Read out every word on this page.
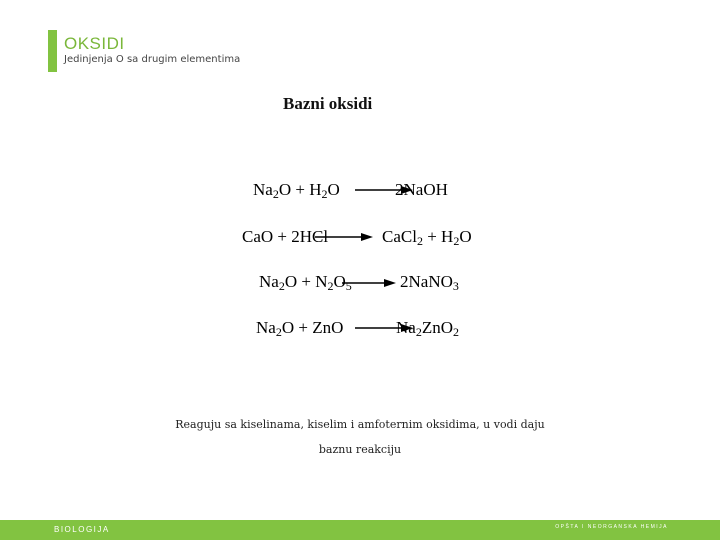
OKSIDI
Jedinjenja O sa drugim elementima
Bazni oksidi
$Na_2O + H_2O$ →
2NaOH
CaO + 2HCl → CaCl$_2$ + $H_2O$
$Na_2O + N_2O_5$ → 2NaNO$_3$
$Na_2O$ + ZnO →
$Na_2ZnO_2$
Reaguju sa kiselinama, kiselim i amfoternim oksidima, u vodi daju
baznu reakciju
BIOLOGIJA	OPŠTA I NEORGANSKA HEMIJA
